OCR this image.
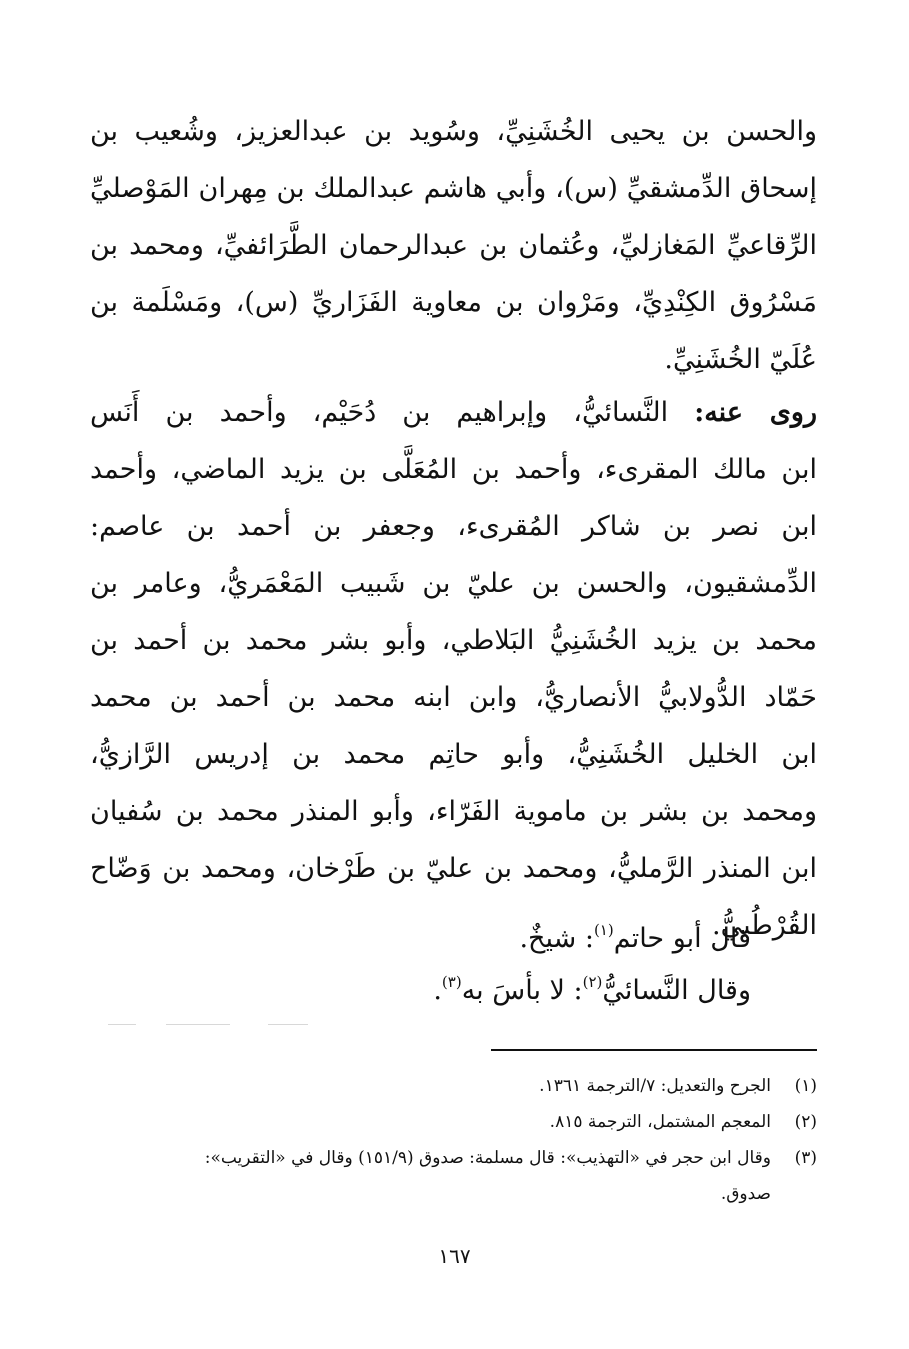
والحسن بن يحيى الخُشَنِيِّ، وسُويد بن عبدالعزيز، وشُعيب بن
إسحاق الدِّمشقيِّ (س)، وأبي هاشم عبدالملك بن مِهران المَوْصليِّ
الرِّقاعيِّ المَغازليِّ، وعُثمان بن عبدالرحمان الطَّرَائفيِّ، ومحمد بن
مَسْرُوق الكِنْدِيِّ، ومَرْوان بن معاوية الفَزَاريِّ (س)، ومَسْلَمة بن
عُلَيّ الخُشَنِيِّ.
روى عنه: النَّسائيُّ، وإبراهيم بن دُحَيْم، وأحمد بن أَنَس
ابن مالك المقرىء، وأحمد بن المُعَلَّى بن يزيد الماضي، وأحمد
ابن نصر بن شاكر المُقرىء، وجعفر بن أحمد بن عاصم:
الدِّمشقيون، والحسن بن عليّ بن شَبيب المَعْمَريُّ، وعامر بن
محمد بن يزيد الخُشَنِيُّ البَلاطي، وأبو بشر محمد بن أحمد بن
حَمّاد الدُّولابيُّ الأنصاريُّ، وابن ابنه محمد بن أحمد بن محمد
ابن الخليل الخُشَنِيُّ، وأبو حاتِم محمد بن إدريس الرَّازيُّ،
ومحمد بن بشر بن ماموية الفَرّاء، وأبو المنذر محمد بن سُفيان
ابن المنذر الرَّمليُّ، ومحمد بن عليّ بن طَرْخان، ومحمد بن وَضّاح
القُرْطُبيُّ.
قال أبو حاتم$^{(١)}$: شيخٌ.
وقال النَّسائيُّ$^{(٢)}$: لا بأسَ به$^{(٣)}$.
(١)
الجرح والتعديل: ٧/الترجمة ١٣٦١.
(٢)
المعجم المشتمل، الترجمة ٨١٥.
(٣)
وقال ابن حجر في «التهذيب»: قال مسلمة: صدوق (١٥١/٩) وقال في «التقريب»:
صدوق.
١٦٧
